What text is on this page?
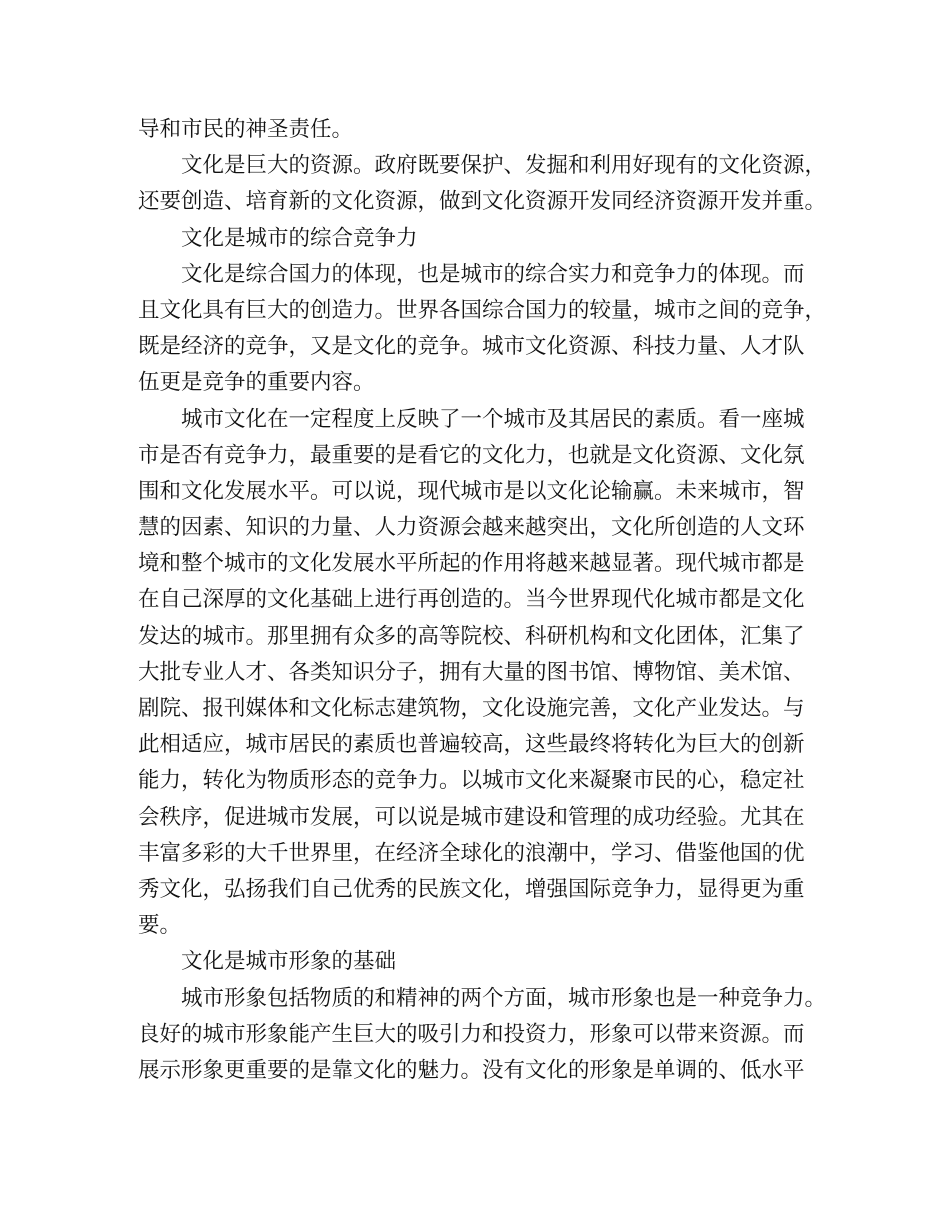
导和市民的神圣责任。
文化是巨大的资源。政府既要保护、发掘和利用好现有的文化资源，
还要创造、培育新的文化资源，做到文化资源开发同经济资源开发并重。
文化是城市的综合竞争力
文化是综合国力的体现，也是城市的综合实力和竞争力的体现。而
且文化具有巨大的创造力。世界各国综合国力的较量，城市之间的竞争，
既是经济的竞争，又是文化的竞争。城市文化资源、科技力量、人才队
伍更是竞争的重要内容。
城市文化在一定程度上反映了一个城市及其居民的素质。看一座城
市是否有竞争力，最重要的是看它的文化力，也就是文化资源、文化氛
围和文化发展水平。可以说，现代城市是以文化论输赢。未来城市，智
慧的因素、知识的力量、人力资源会越来越突出，文化所创造的人文环
境和整个城市的文化发展水平所起的作用将越来越显著。现代城市都是
在自己深厚的文化基础上进行再创造的。当今世界现代化城市都是文化
发达的城市。那里拥有众多的高等院校、科研机构和文化团体，汇集了
大批专业人才、各类知识分子，拥有大量的图书馆、博物馆、美术馆、
剧院、报刊媒体和文化标志建筑物，文化设施完善，文化产业发达。与
此相适应，城市居民的素质也普遍较高，这些最终将转化为巨大的创新
能力，转化为物质形态的竞争力。以城市文化来凝聚市民的心，稳定社
会秩序，促进城市发展，可以说是城市建设和管理的成功经验。尤其在
丰富多彩的大千世界里，在经济全球化的浪潮中，学习、借鉴他国的优
秀文化，弘扬我们自己优秀的民族文化，增强国际竞争力，显得更为重
要。
文化是城市形象的基础
城市形象包括物质的和精神的两个方面，城市形象也是一种竞争力。
良好的城市形象能产生巨大的吸引力和投资力，形象可以带来资源。而
展示形象更重要的是靠文化的魅力。没有文化的形象是单调的、低水平
